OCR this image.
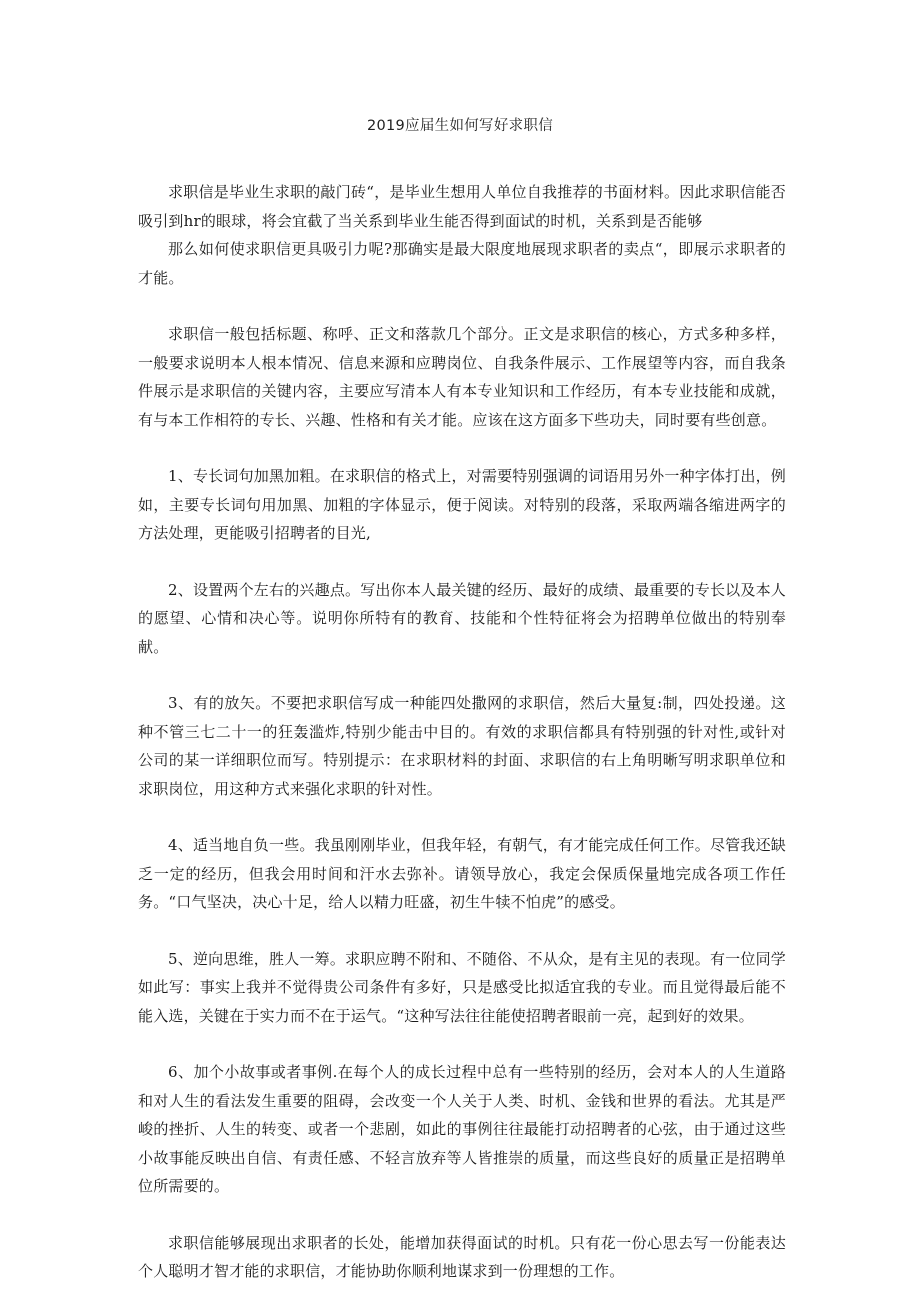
2019应届生如何写好求职信

求职信是毕业生求职的敲门砖“，是毕业生想用人单位自我推荐的书面材料。因此求职信能否吸引到hr的眼球，将会宜截了当关系到毕业生能否得到面试的时机，关系到是否能够

那么如何使求职信更具吸引力呢?那确实是最大限度地展现求职者的卖点“，即展示求职者的才能。

求职信一般包括标题、称呼、正文和落款几个部分。正文是求职信的核心，方式多种多样，一般要求说明本人根本情况、信息来源和应聘岗位、自我条件展示、工作展望等内容，而自我条件展示是求职信的关键内容，主要应写清本人有本专业知识和工作经历，有本专业技能和成就，有与本工作相符的专长、兴趣、性格和有关才能。应该在这方面多下些功夫，同时要有些创意。

1、专长词句加黑加粗。在求职信的格式上，对需要特别强调的词语用另外一种字体打出，例如，主要专长词句用加黑、加粗的字体显示，便于阅读。对特别的段落，采取两端各缩进两字的方法处理，更能吸引招聘者的目光,

2、设置两个左右的兴趣点。写出你本人最关键的经历、最好的成绩、最重要的专长以及本人的愿望、心情和决心等。说明你所特有的教育、技能和个性特征将会为招聘单位做出的特别奉献。

3、有的放矢。不要把求职信写成一种能四处撒网的求职信，然后大量复:制，四处投递。这种不管三七二十一的狂轰滥炸,特别少能击中目的。有效的求职信都具有特别强的针对性,或针对公司的某一详细职位而写。特别提示：在求职材料的封面、求职信的右上角明晰写明求职单位和求职岗位，用这种方式来强化求职的针对性。

4、适当地自负一些。我虽刚刚毕业，但我年轻，有朝气，有才能完成任何工作。尽管我还缺乏一定的经历，但我会用时间和汗水去弥补。请领导放心，我定会保质保量地完成各项工作任务。“口气坚决，决心十足，给人以精力旺盛，初生牛犊不怕虎”的感受。

5、逆向思维，胜人一筹。求职应聘不附和、不随俗、不从众，是有主见的表现。有一位同学如此写：事实上我并不觉得贵公司条件有多好，只是感受比拟适宜我的专业。而且觉得最后能不能入选，关键在于实力而不在于运气。“这种写法往往能使招聘者眼前一亮，起到好的效果。

6、加个小故事或者事例.在每个人的成长过程中总有一些特别的经历，会对本人的人生道路和对人生的看法发生重要的阻碍，会改变一个人关于人类、时机、金钱和世界的看法。尤其是严峻的挫折、人生的转变、或者一个悲剧，如此的事例往往最能打动招聘者的心弦，由于通过这些小故事能反映出自信、有责任感、不轻言放弃等人皆推崇的质量，而这些良好的质量正是招聘单位所需要的。

求职信能够展现出求职者的长处，能增加获得面试的时机。只有花一份心思去写一份能表达个人聪明才智才能的求职信，才能协助你顺利地谋求到一份理想的工作。
